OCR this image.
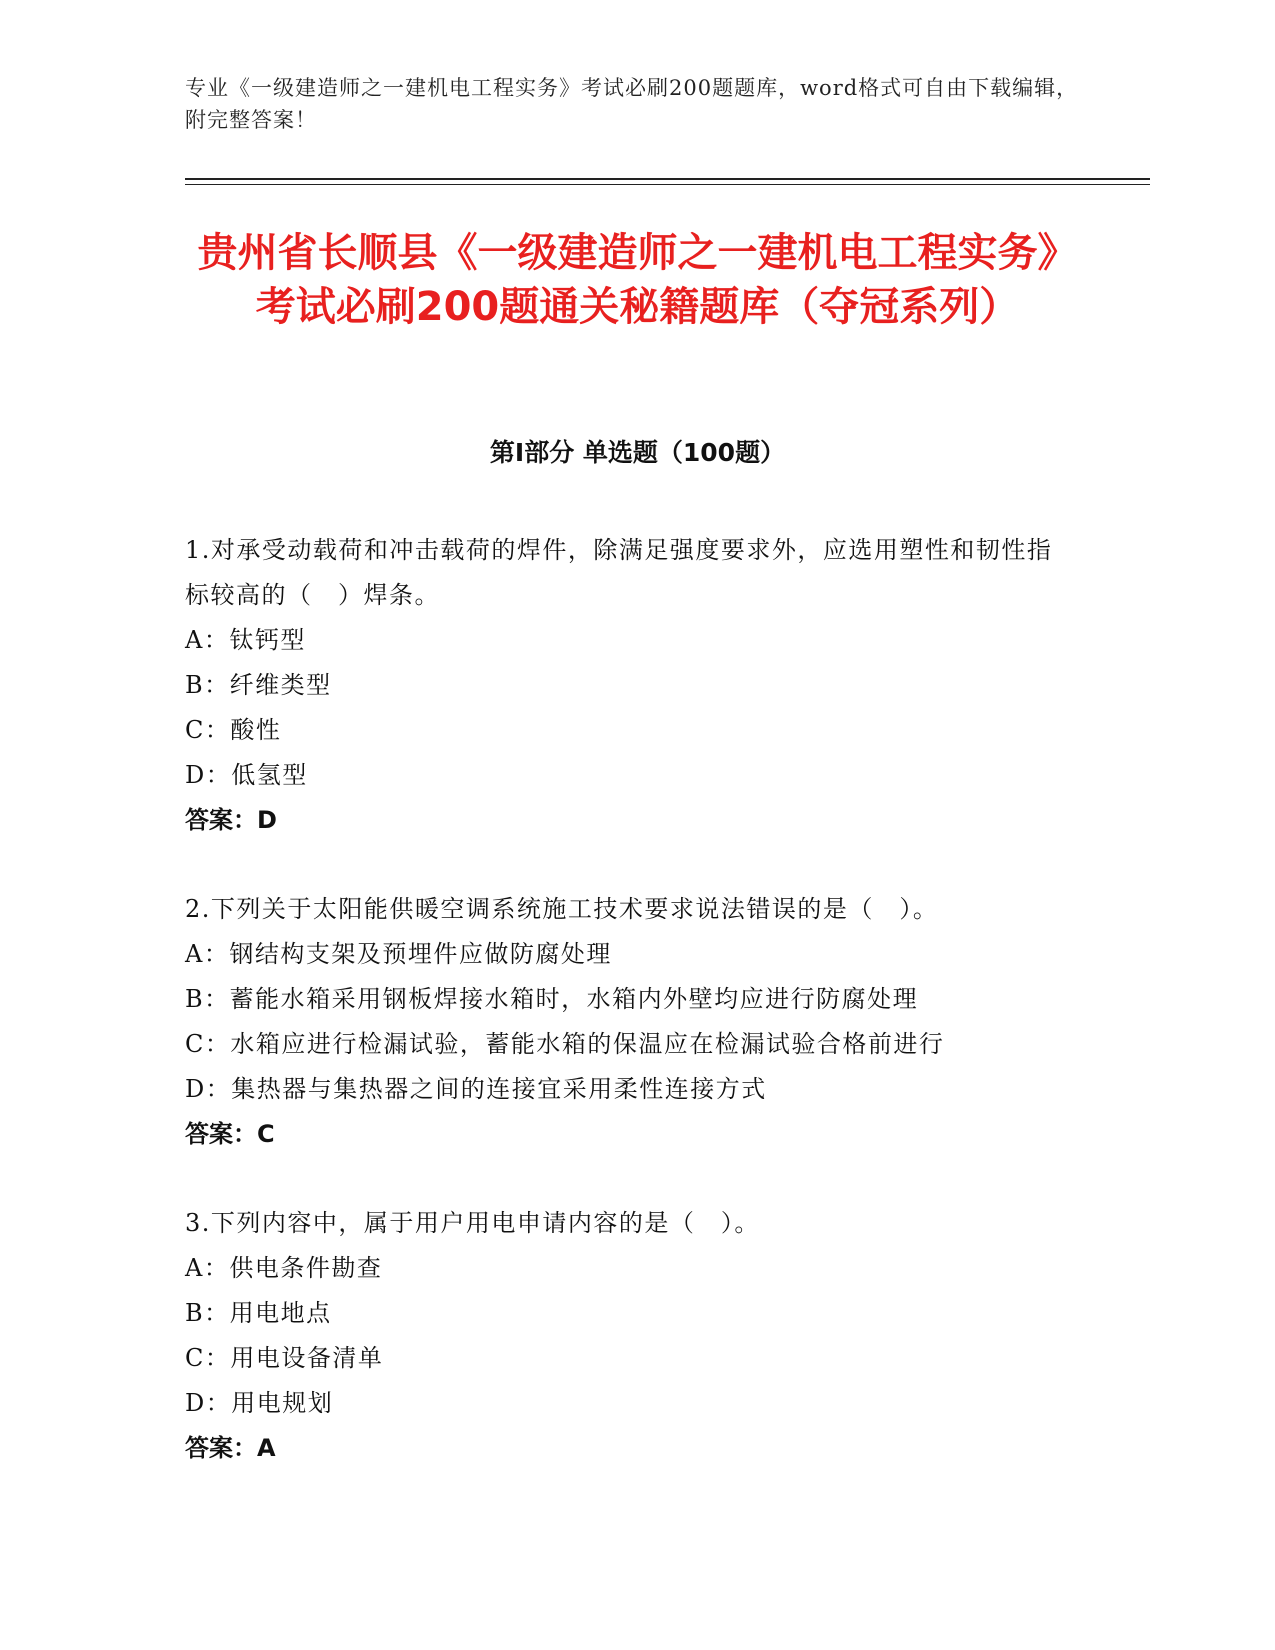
专业《一级建造师之一建机电工程实务》考试必刷200题题库，word格式可自由下载编辑，附完整答案！
贵州省长顺县《一级建造师之一建机电工程实务》考试必刷200题通关秘籍题库（夺冠系列）
第I部分 单选题（100题）
1.对承受动载荷和冲击载荷的焊件，除满足强度要求外，应选用塑性和韧性指标较高的（　）焊条。
A：钛钙型
B：纤维类型
C：酸性
D：低氢型
答案：D
2.下列关于太阳能供暖空调系统施工技术要求说法错误的是（　）。
A：钢结构支架及预埋件应做防腐处理
B：蓄能水箱采用钢板焊接水箱时，水箱内外壁均应进行防腐处理
C：水箱应进行检漏试验，蓄能水箱的保温应在检漏试验合格前进行
D：集热器与集热器之间的连接宜采用柔性连接方式
答案：C
3.下列内容中，属于用户用电申请内容的是（　）。
A：供电条件勘查
B：用电地点
C：用电设备清单
D：用电规划
答案：A
